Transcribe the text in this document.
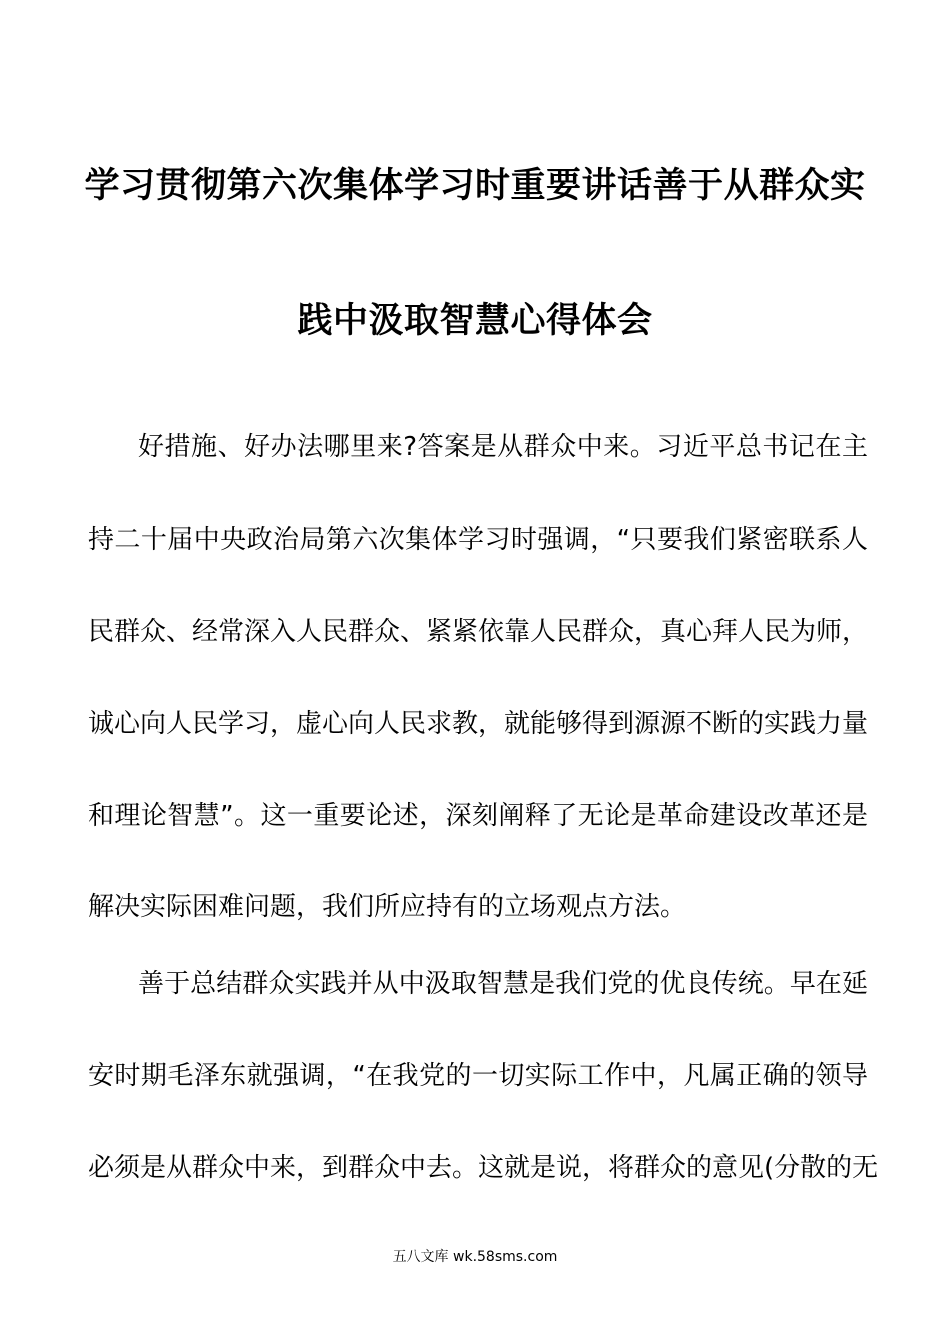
学习贯彻第六次集体学习时重要讲话善于从群众实
践中汲取智慧心得体会
好措施、好办法哪里来?答案是从群众中来。习近平总书记在主
持二十届中央政治局第六次集体学习时强调，“只要我们紧密联系人
民群众、经常深入人民群众、紧紧依靠人民群众，真心拜人民为师，
诚心向人民学习，虚心向人民求教，就能够得到源源不断的实践力量
和理论智慧”。这一重要论述，深刻阐释了无论是革命建设改革还是
解决实际困难问题，我们所应持有的立场观点方法。
善于总结群众实践并从中汲取智慧是我们党的优良传统。早在延
安时期毛泽东就强调，“在我党的一切实际工作中，凡属正确的领导
必须是从群众中来，到群众中去。这就是说，将群众的意见(分散的无
五八文库 wk.58sms.com
